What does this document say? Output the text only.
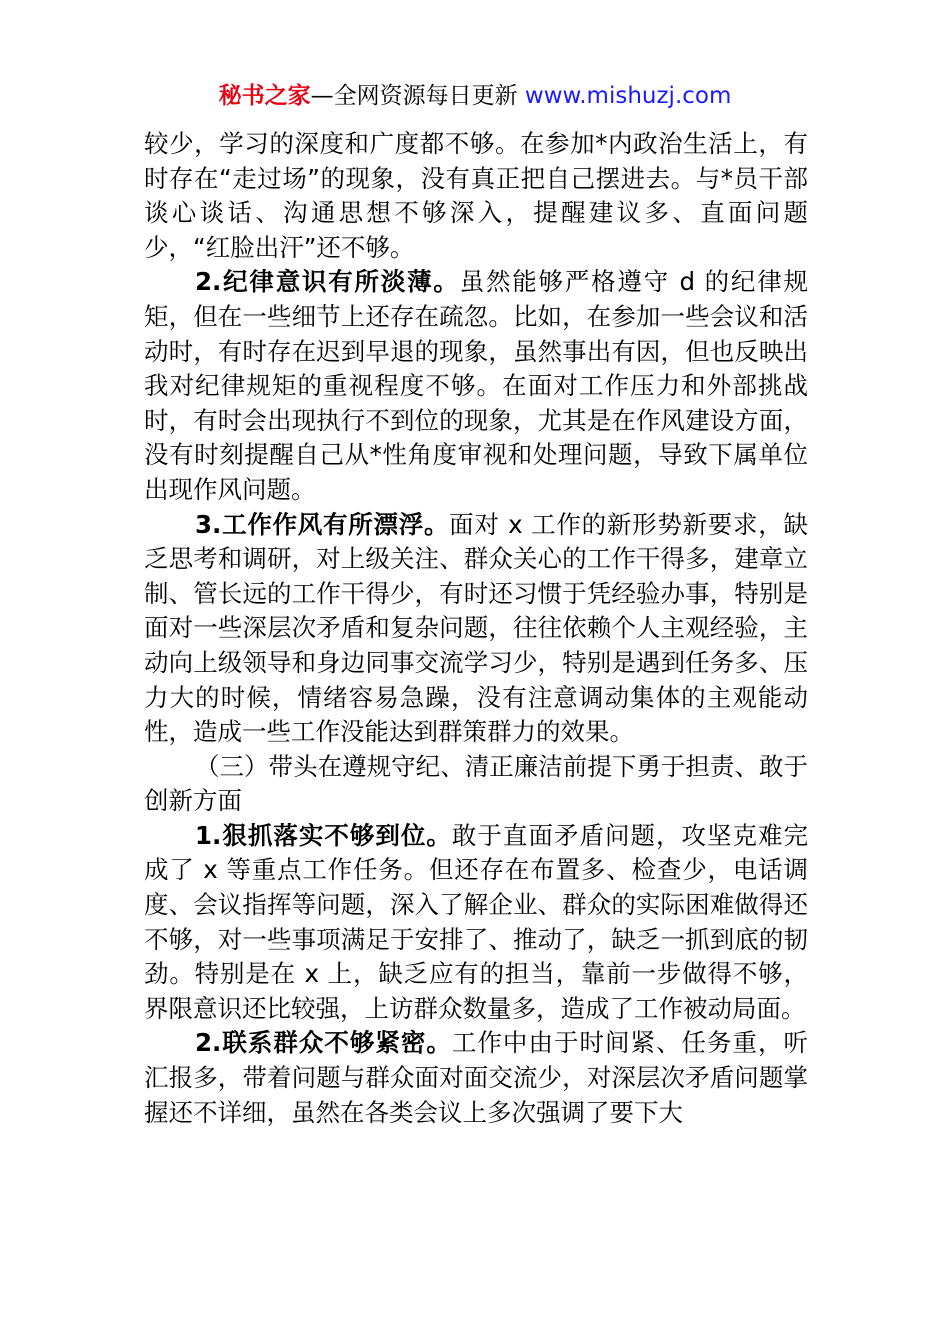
秘书之家—全网资源每日更新 www.mishuzj.com

较少，学习的深度和广度都不够。在参加*内政治生活上，有时存在“走过场”的现象，没有真正把自己摆进去。与*员干部谈心谈话、沟通思想不够深入，提醒建议多、直面问题少，“红脸出汗”还不够。

2.纪律意识有所淡薄。虽然能够严格遵守 d 的纪律规矩，但在一些细节上还存在疏忽。比如，在参加一些会议和活动时，有时存在迟到早退的现象，虽然事出有因，但也反映出我对纪律规矩的重视程度不够。在面对工作压力和外部挑战时，有时会出现执行不到位的现象，尤其是在作风建设方面，没有时刻提醒自己从*性角度审视和处理问题，导致下属单位出现作风问题。

3.工作作风有所漂浮。面对 x 工作的新形势新要求，缺乏思考和调研，对上级关注、群众关心的工作干得多，建章立制、管长远的工作干得少，有时还习惯于凭经验办事，特别是面对一些深层次矛盾和复杂问题，往往依赖个人主观经验，主动向上级领导和身边同事交流学习少，特别是遇到任务多、压力大的时候，情绪容易急躁，没有注意调动集体的主观能动性，造成一些工作没能达到群策群力的效果。

（三）带头在遵规守纪、清正廉洁前提下勇于担责、敢于创新方面

1.狠抓落实不够到位。敢于直面矛盾问题，攻坚克难完成了 x 等重点工作任务。但还存在布置多、检查少，电话调度、会议指挥等问题，深入了解企业、群众的实际困难做得还不够，对一些事项满足于安排了、推动了，缺乏一抓到底的韧劲。特别是在 x 上，缺乏应有的担当，靠前一步做得不够，界限意识还比较强，上访群众数量多，造成了工作被动局面。

2.联系群众不够紧密。工作中由于时间紧、任务重，听汇报多，带着问题与群众面对面交流少，对深层次矛盾问题掌握还不详细，虽然在各类会议上多次强调了要下大
